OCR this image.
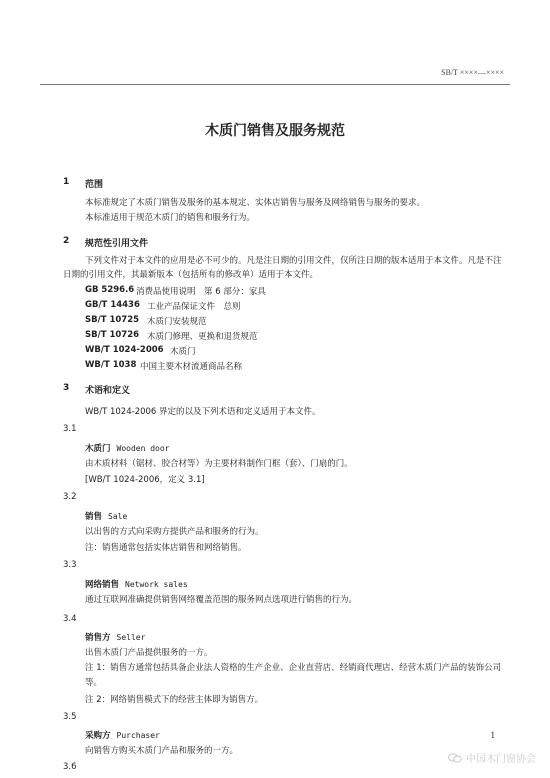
SB/T ××××—××××
木质门销售及服务规范
1 范围
本标准规定了木质门销售及服务的基本规定、实体店销售与服务及网络销售与服务的要求。
本标准适用于规范木质门的销售和服务行为。
2 规范性引用文件
下列文件对于本文件的应用是必不可少的。凡是注日期的引用文件，仅所注日期的版本适用于本文件。凡是不注日期的引用文件，其最新版本（包括所有的修改单）适用于本文件。
GB 5296.6 消费品使用说明　第 6 部分：家具
GB/T 14436 工业产品保证文件　总则
SB/T 10725 木质门安装规范
SB/T 10726 木质门修理、更换和退货规范
WB/T 1024-2006 木质门
WB/T 1038 中国主要木材流通商品名称
3 术语和定义
WB/T 1024-2006 界定的以及下列术语和定义适用于本文件。
3.1
木质门 Wooden door
由木质材料（锯材、胶合材等）为主要材料制作门框（套）、门扇的门。
[WB/T 1024-2006，定义 3.1]
3.2
销售 Sale
以出售的方式向采购方提供产品和服务的行为。
注：销售通常包括实体店销售和网络销售。
3.3
网络销售 Network sales
通过互联网准确提供销售网络覆盖范围的服务网点选项进行销售的行为。
3.4
销售方 Seller
出售木质门产品提供服务的一方。
注 1：销售方通常包括具备企业法人资格的生产企业、企业直营店、经销商代理店、经营木质门产品的装饰公司等。
注 2：网络销售模式下的经营主体即为销售方。
3.5
采购方 Purchaser
向销售方购买木质门产品和服务的一方。
3.6
1
中国木门窗协会
